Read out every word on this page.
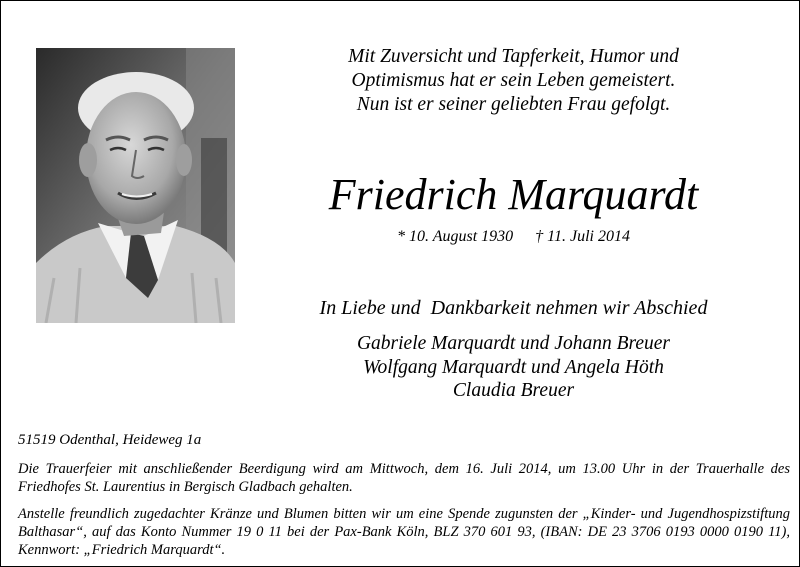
Mit Zuversicht und Tapferkeit, Humor und
Optimismus hat er sein Leben gemeistert.
Nun ist er seiner geliebten Frau gefolgt.
Friedrich Marquardt
* 10. August 1930 † 11. Juli 2014
In Liebe und  Dankbarkeit nehmen wir Abschied
Gabriele Marquardt und Johann Breuer
Wolfgang Marquardt und Angela Höth
Claudia Breuer
51519 Odenthal, Heideweg 1a
Die Trauerfeier mit anschließender Beerdigung wird am Mittwoch, dem 16. Juli 2014, um 13.00 Uhr in der Trauerhalle des Friedhofes St. Laurentius in Bergisch Gladbach gehalten.
Anstelle freundlich zugedachter Kränze und Blumen bitten wir um eine Spende zugunsten der „Kinder- und Jugendhospizstiftung Balthasar“, auf das Konto Nummer 19 0 11 bei der Pax-Bank Köln, BLZ 370 601 93, (IBAN: DE 23 3706 0193 0000 0190 11), Kennwort: „Friedrich Marquardt“.
